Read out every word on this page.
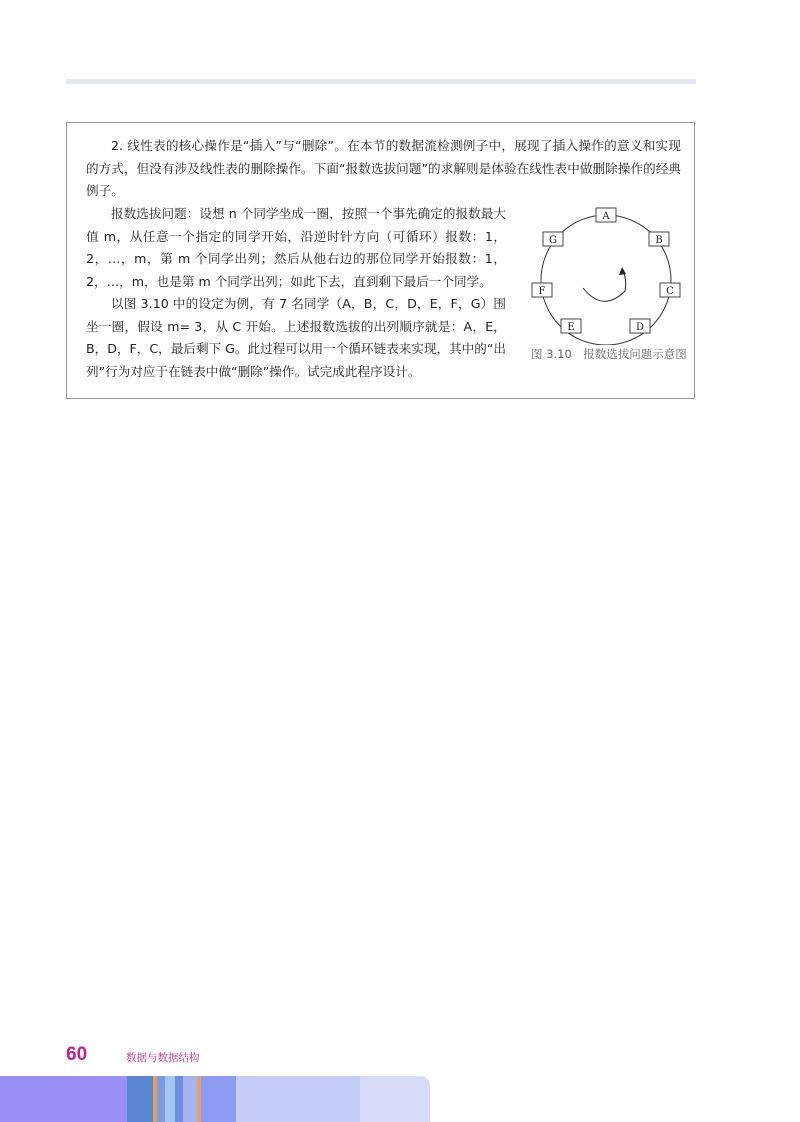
2. 线性表的核心操作是“插入”与“删除”。在本节的数据流检测例子中，展现了插入操作的意义和实现的方式，但没有涉及线性表的删除操作。下面“报数选拔问题”的求解则是体验在线性表中做删除操作的经典例子。

报数选拔问题：设想 n 个同学坐成一圈，按照一个事先确定的报数最大值 m，从任意一个指定的同学开始，沿逆时针方向（可循环）报数：1，2，…，m，第 m 个同学出列；然后从他右边的那位同学开始报数：1，2，…，m，也是第 m 个同学出列；如此下去，直到剩下最后一个同学。

以图 3.10 中的设定为例，有 7 名同学（A，B，C，D，E，F，G）围坐一圈，假设 m= 3，从 C 开始。上述报数选拔的出列顺序就是：A，E，B，D，F，C，最后剩下 G。此过程可以用一个循环链表来实现，其中的“出列”行为对应于在链表中做“删除”操作。试完成此程序设计。

A
B
C
D
E
F
G
图 3.10　报数选拔问题示意图
60	数据与数据结构
